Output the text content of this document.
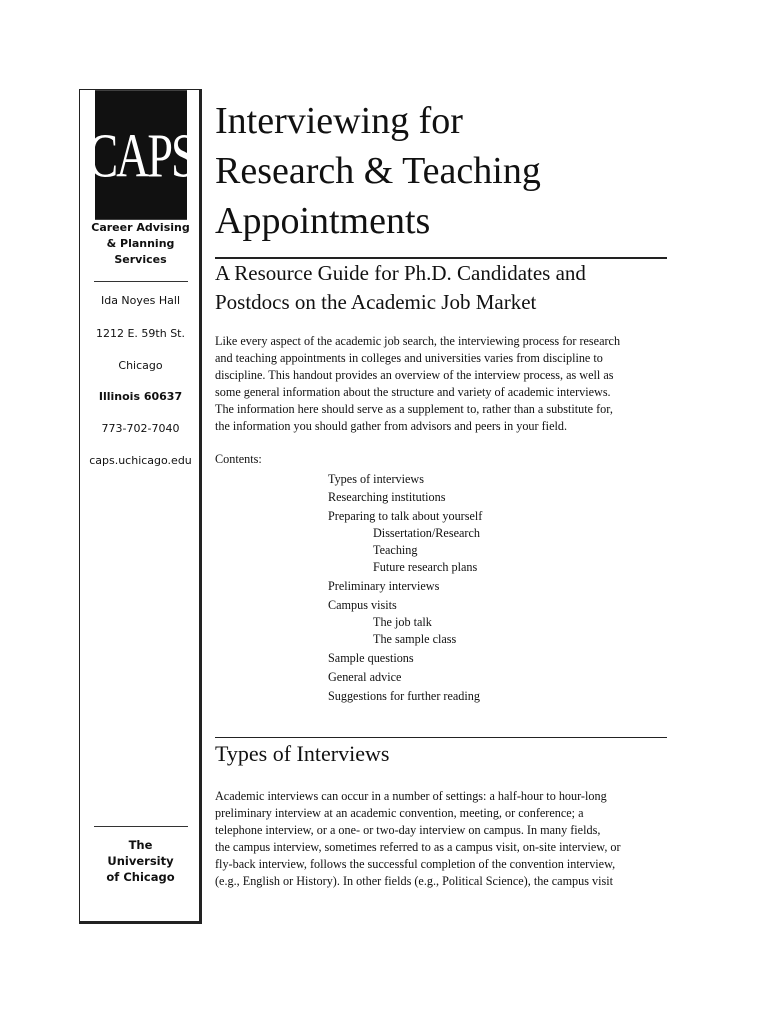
CAPS
Career Advising
& Planning
Services
Ida Noyes Hall
1212 E. 59th St.
Chicago
Illinois 60637
773-702-7040
caps.uchicago.edu
The
University
of Chicago
Interviewing for
Research & Teaching
Appointments
A Resource Guide for Ph.D. Candidates and
Postdocs on the Academic Job Market
Like every aspect of the academic job search, the interviewing process for research
and teaching appointments in colleges and universities varies from discipline to
discipline. This handout provides an overview of the interview process, as well as
some general information about the structure and variety of academic interviews.
The information here should serve as a supplement to, rather than a substitute for,
the information you should gather from advisors and peers in your field.
Contents:
Types of interviews
Researching institutions
Preparing to talk about yourself
Dissertation/Research
Teaching
Future research plans
Preliminary interviews
Campus visits
The job talk
The sample class
Sample questions
General advice
Suggestions for further reading
Types of Interviews
Academic interviews can occur in a number of settings: a half-hour to hour-long
preliminary interview at an academic convention, meeting, or conference; a
telephone interview, or a one- or two-day interview on campus. In many fields,
the campus interview, sometimes referred to as a campus visit, on-site interview, or
fly-back interview, follows the successful completion of the convention interview,
(e.g., English or History). In other fields (e.g., Political Science), the campus visit
